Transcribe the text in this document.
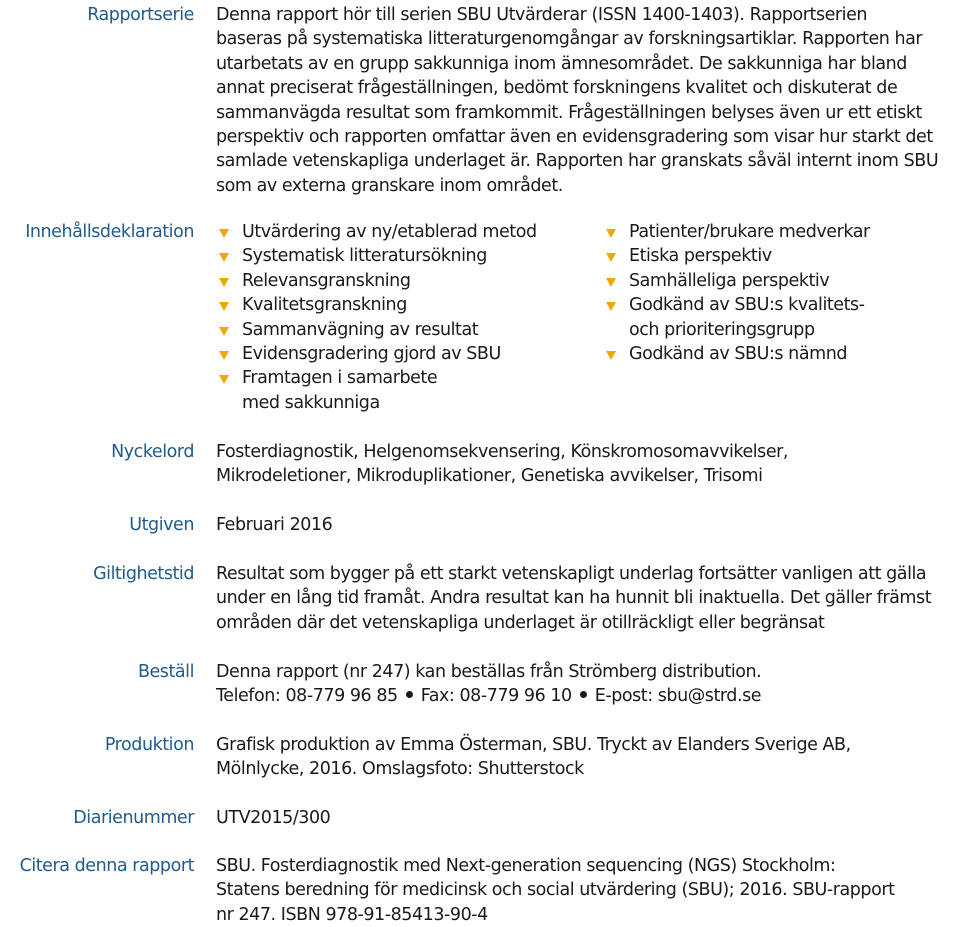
Rapportserie Denna rapport hör till serien SBU Utvärderar (ISSN 1400-1403). Rapportserien
baseras på systematiska litteraturgenomgångar av forskningsartiklar. Rapporten har
utarbetats av en grupp sakkunniga inom ämnesområdet. De sakkunniga har bland
annat preciserat frågeställningen, bedömt forskningens kvalitet och diskuterat de
sammanvägda resultat som framkommit. Frågeställningen belyses även ur ett etiskt
perspektiv och rapporten omfattar även en evidensgradering som visar hur starkt det
samlade vetenskapliga underlaget är. Rapporten har granskats såväl internt inom SBU
som av externa granskare inom området.
Innehållsdeklaration	Utvärdering av ny/etablerad metod
Systematisk litteratursökning
Relevansgranskning
Kvalitetsgranskning
Sammanvägning av resultat
Evidensgradering gjord av SBU
Framtagen i samarbete
med sakkunniga
Patienter/brukare medverkar
Etiska perspektiv
Samhälleliga perspektiv
Godkänd av SBU:s kvalitets-
och prioriteringsgrupp
Godkänd av SBU:s nämnd
Nyckelord Fosterdiagnostik, Helgenomsekvensering, Könskromosomavvikelser,
Mikrodeletioner, Mikroduplikationer, Genetiska avvikelser, Trisomi
Utgiven Februari 2016
Giltighetstid Resultat som bygger på ett starkt vetenskapligt underlag fortsätter vanligen att gälla
under en lång tid framåt. Andra resultat kan ha hunnit bli inaktuella. Det gäller främst
områden där det vetenskapliga underlaget är otillräckligt eller begränsat
Beställ Denna rapport (nr 247) kan beställas från Strömberg distribution.
Telefon: 08-779 96 85 Fax: 08-779 96 10 E-post: sbu@strd.se
Produktion Grafisk produktion av Emma Österman, SBU. Tryckt av Elanders Sverige AB,
Mölnlycke, 2016. Omslagsfoto: Shutterstock
Diarienummer UTV2015/300
Citera denna rapport SBU. Fosterdiagnostik med Next-generation sequencing (NGS) Stockholm:
Statens beredning för medicinsk och social utvärdering (SBU); 2016. SBU-rapport
nr 247. ISBN 978-91-85413-90-4
